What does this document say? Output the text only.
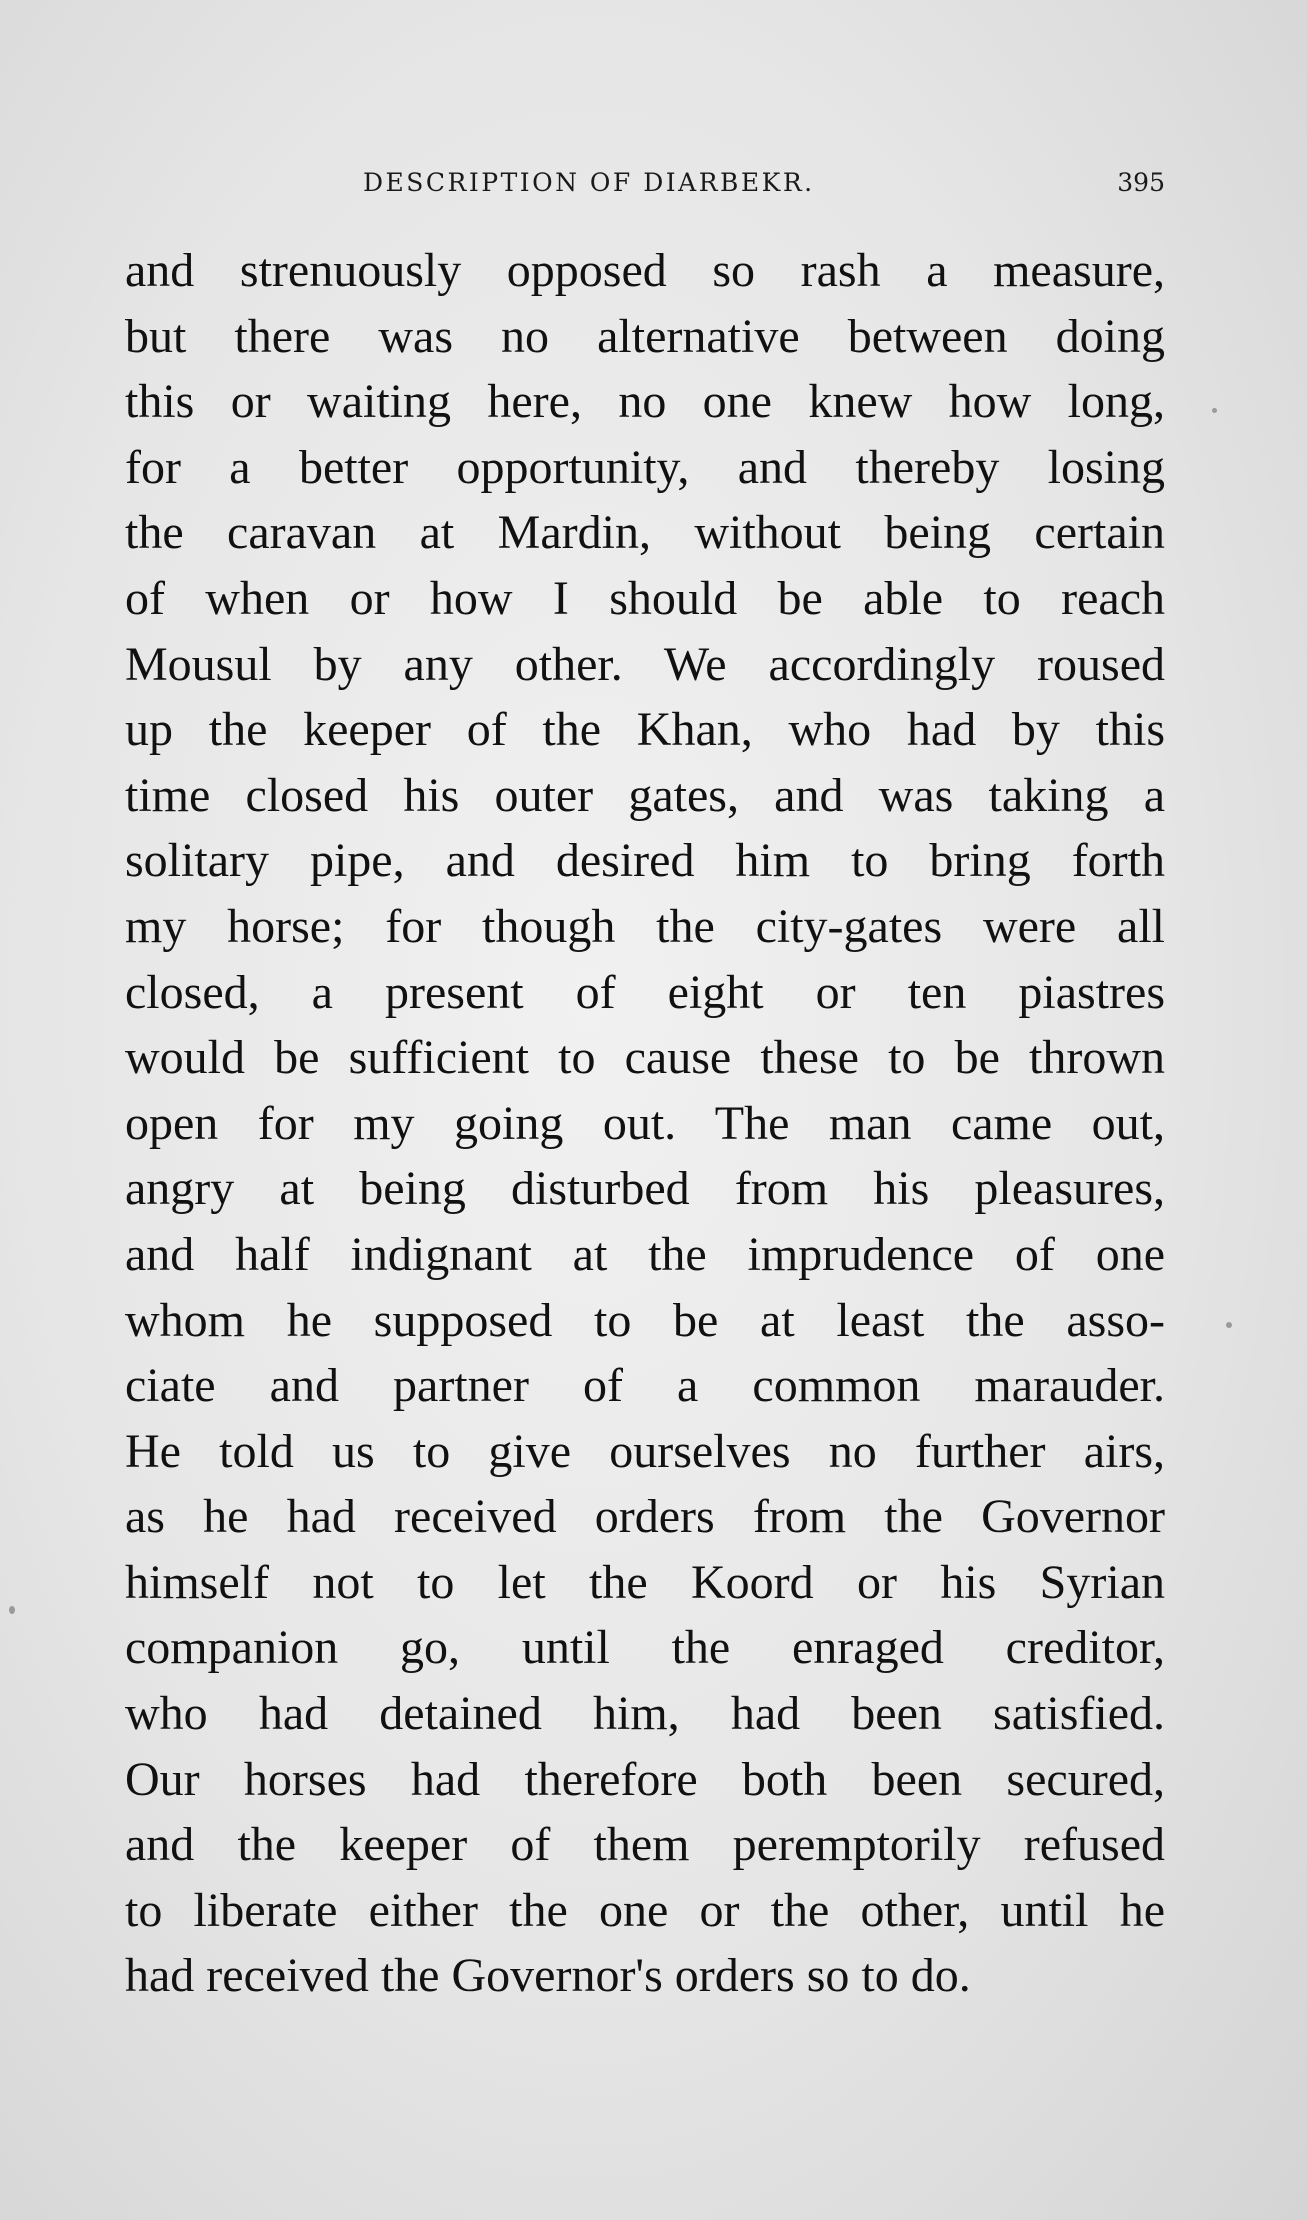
DESCRIPTION OF DIARBEKR.	395
and strenuously opposed so rash a measure,
but there was no alternative between doing
this or waiting here, no one knew how long,
for a better opportunity, and thereby losing
the caravan at Mardin, without being certain
of when or how I should be able to reach
Mousul by any other. We accordingly roused
up the keeper of the Khan, who had by this
time closed his outer gates, and was taking a
solitary pipe, and desired him to bring forth
my horse; for though the city-gates were all
closed, a present of eight or ten piastres
would be sufficient to cause these to be thrown
open for my going out. The man came out,
angry at being disturbed from his pleasures,
and half indignant at the imprudence of one
whom he supposed to be at least the asso-
ciate and partner of a common marauder.
He told us to give ourselves no further airs,
as he had received orders from the Governor
himself not to let the Koord or his Syrian
companion go, until the enraged creditor,
who had detained him, had been satisfied.
Our horses had therefore both been secured,
and the keeper of them peremptorily refused
to liberate either the one or the other, until he
had received the Governor's orders so to do.
